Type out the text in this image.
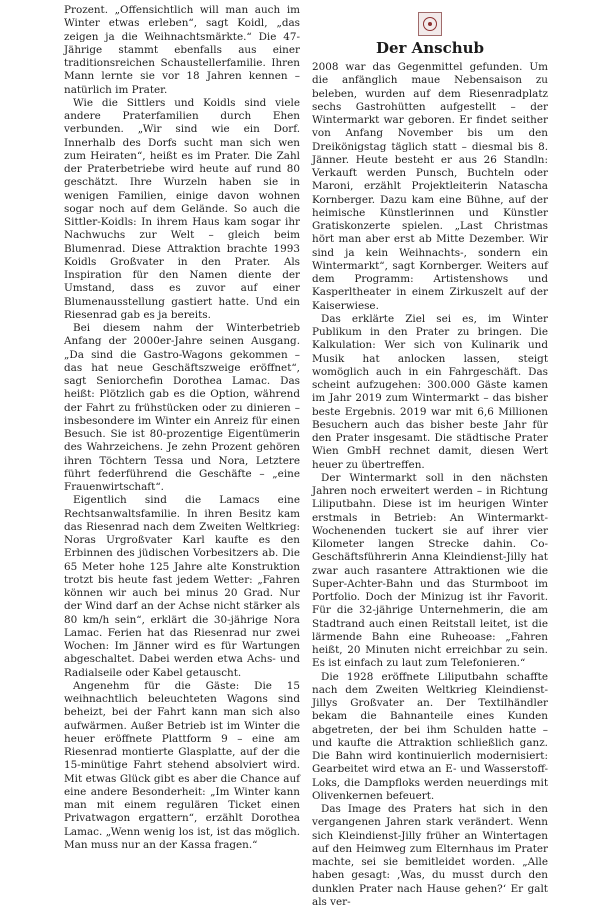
Prozent. „Offensichtlich will man auch im Winter etwas erleben“, sagt Koidl, „das zeigen ja die Weihnachtsmärkte.“ Die 47-Jährige stammt ebenfalls aus einer traditionsreichen Schaustellerfamilie. Ihren Mann lernte sie vor 18 Jahren kennen – natürlich im Prater.

Wie die Sittlers und Koidls sind viele andere Praterfamilien durch Ehen verbunden. „Wir sind wie ein Dorf. Innerhalb des Dorfs sucht man sich wen zum Heiraten“, heißt es im Prater. Die Zahl der Praterbetriebe wird heute auf rund 80 geschätzt. Ihre Wurzeln haben sie in wenigen Familien, einige davon wohnen sogar noch auf dem Gelände. So auch die Sittler-Koidls: In ihrem Haus kam sogar ihr Nachwuchs zur Welt – gleich beim Blumenrad. Diese Attraktion brachte 1993 Koidls Großvater in den Prater. Als Inspiration für den Namen diente der Umstand, dass es zuvor auf einer Blumenausstellung gastiert hatte. Und ein Riesenrad gab es ja bereits.

Bei diesem nahm der Winterbetrieb Anfang der 2000er-Jahre seinen Ausgang. „Da sind die Gastro-Wagons gekommen – das hat neue Geschäftszweige eröffnet“, sagt Seniorchefin Dorothea Lamac. Das heißt: Plötzlich gab es die Option, während der Fahrt zu frühstücken oder zu dinieren – insbesondere im Winter ein Anreiz für einen Besuch. Sie ist 80-prozentige Eigentümerin des Wahrzeichens. Je zehn Prozent gehören ihren Töchtern Tessa und Nora, Letztere führt federführend die Geschäfte – „eine Frauenwirtschaft“.

Eigentlich sind die Lamacs eine Rechtsanwaltsfamilie. In ihren Besitz kam das Riesenrad nach dem Zweiten Weltkrieg: Noras Urgroßvater Karl kaufte es den Erbinnen des jüdischen Vorbesitzers ab. Die 65 Meter hohe 125 Jahre alte Konstruktion trotzt bis heute fast jedem Wetter: „Fahren können wir auch bei minus 20 Grad. Nur der Wind darf an der Achse nicht stärker als 80 km/h sein“, erklärt die 30-jährige Nora Lamac. Ferien hat das Riesenrad nur zwei Wochen: Im Jänner wird es für Wartungen abgeschaltet. Dabei werden etwa Achs- und Radialseile oder Kabel getauscht.

Angenehm für die Gäste: Die 15 weihnachtlich beleuchteten Wagons sind beheizt, bei der Fahrt kann man sich also aufwärmen. Außer Betrieb ist im Winter die heuer eröffnete Plattform 9 – eine am Riesenrad montierte Glasplatte, auf der die 15-minütige Fahrt stehend absolviert wird. Mit etwas Glück gibt es aber die Chance auf eine andere Besonderheit: „Im Winter kann man mit einem regulären Ticket einen Privatwagon ergattern“, erzählt Dorothea Lamac. „Wenn wenig los ist, ist das möglich. Man muss nur an der Kassa fragen.“

Der Anschub

2008 war das Gegenmittel gefunden. Um die anfänglich maue Nebensaison zu beleben, wurden auf dem Riesenradplatz sechs Gastrohütten aufgestellt – der Wintermarkt war geboren. Er findet seither von Anfang November bis um den Dreikönigstag täglich statt – diesmal bis 8. Jänner. Heute besteht er aus 26 Standln: Verkauft werden Punsch, Buchteln oder Maroni, erzählt Projektleiterin Natascha Kornberger. Dazu kam eine Bühne, auf der heimische Künstlerinnen und Künstler Gratiskonzerte spielen. „Last Christmas hört man aber erst ab Mitte Dezember. Wir sind ja kein Weihnachts-, sondern ein Wintermarkt“, sagt Kornberger. Weiters auf dem Programm: Artistenshows und Kasperltheater in einem Zirkuszelt auf der Kaiserwiese.

Das erklärte Ziel sei es, im Winter Publikum in den Prater zu bringen. Die Kalkulation: Wer sich von Kulinarik und Musik hat anlocken lassen, steigt womöglich auch in ein Fahrgeschäft. Das scheint aufzugehen: 300.000 Gäste kamen im Jahr 2019 zum Wintermarkt – das bisher beste Ergebnis. 2019 war mit 6,6 Millionen Besuchern auch das bisher beste Jahr für den Prater insgesamt. Die städtische Prater Wien GmbH rechnet damit, diesen Wert heuer zu übertreffen.

Der Wintermarkt soll in den nächsten Jahren noch erweitert werden – in Richtung Liliputbahn. Diese ist im heurigen Winter erstmals in Betrieb: An Wintermarkt-Wochenenden tuckert sie auf ihrer vier Kilometer langen Strecke dahin. Co-Geschäftsführerin Anna Kleindienst-Jilly hat zwar auch rasantere Attraktionen wie die Super-Achter-Bahn und das Sturmboot im Portfolio. Doch der Minizug ist ihr Favorit. Für die 32-jährige Unternehmerin, die am Stadtrand auch einen Reitstall leitet, ist die lärmende Bahn eine Ruheoase: „Fahren heißt, 20 Minuten nicht erreichbar zu sein. Es ist einfach zu laut zum Telefonieren.“

Die 1928 eröffnete Liliputbahn schaffte nach dem Zweiten Weltkrieg Kleindienst-Jillys Großvater an. Der Textilhändler bekam die Bahnanteile eines Kunden abgetreten, der bei ihm Schulden hatte – und kaufte die Attraktion schließlich ganz. Die Bahn wird kontinuierlich modernisiert: Gearbeitet wird etwa an E- und Wasserstoff-Loks, die Dampfloks werden neuerdings mit Olivenkernen befeuert.

Das Image des Praters hat sich in den vergangenen Jahren stark verändert. Wenn sich Kleindienst-Jilly früher an Wintertagen auf den Heimweg zum Elternhaus im Prater machte, sei sie bemitleidet worden. „Alle haben gesagt: ‚Was, du musst durch den dunklen Prater nach Hause gehen?‘ Er galt als ver-
